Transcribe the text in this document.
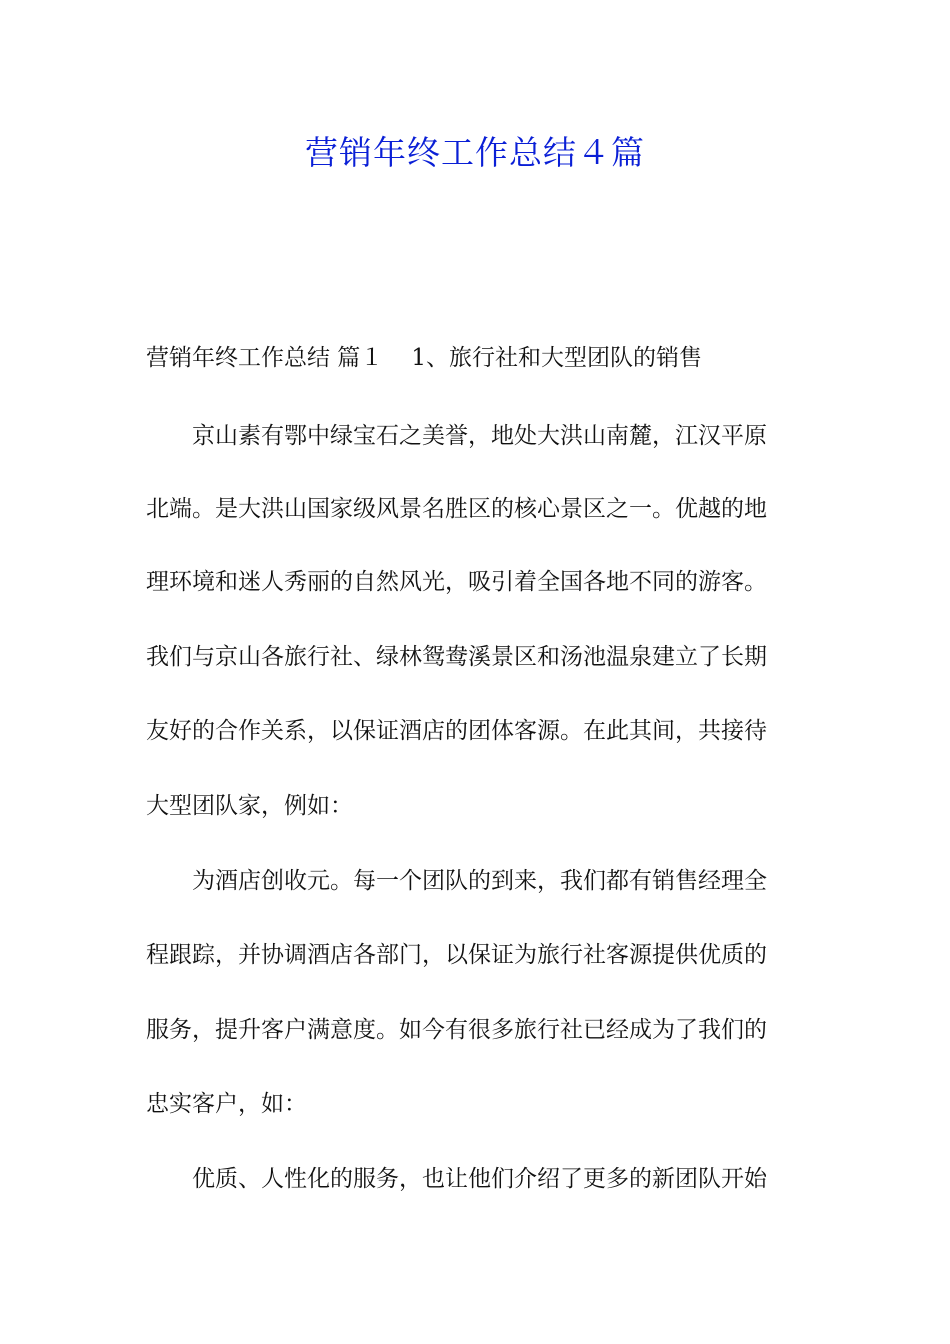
营销年终工作总结４篇

营销年终工作总结 篇１ 1、旅行社和大型团队的销售

京山素有鄂中绿宝石之美誉，地处大洪山南麓，江汉平原

北端。是大洪山国家级风景名胜区的核心景区之一。优越的地

理环境和迷人秀丽的自然风光，吸引着全国各地不同的游客。

我们与京山各旅行社、绿林鸳鸯溪景区和汤池温泉建立了长期

友好的合作关系，以保证酒店的团体客源。在此其间，共接待

大型团队家，例如：

为酒店创收元。每一个团队的到来，我们都有销售经理全

程跟踪，并协调酒店各部门，以保证为旅行社客源提供优质的

服务，提升客户满意度。如今有很多旅行社已经成为了我们的

忠实客户，如：

优质、人性化的服务，也让他们介绍了更多的新团队开始
